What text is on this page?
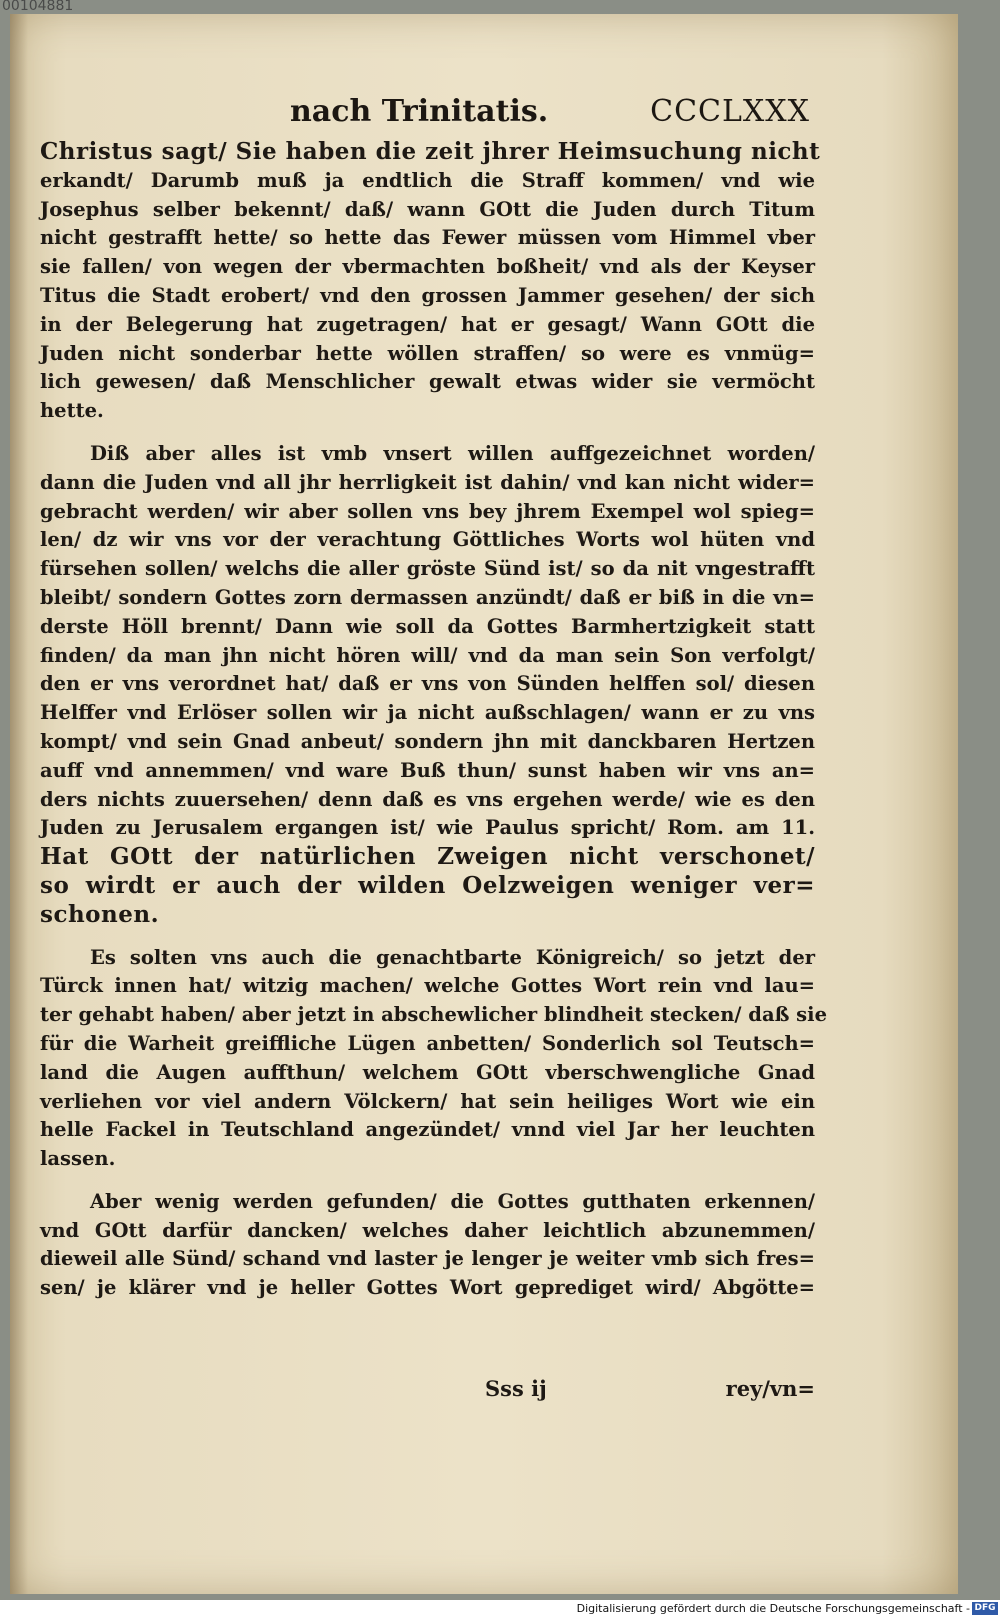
00104881
nach Trinitatis.	CCCLXXX
Christus sagt/ Sie haben die zeit jhrer Heimsuchung nicht
erkandt/ Darumb muß ja endtlich die Straff kommen/ vnd wie
Josephus selber bekennt/ daß/ wann GOtt die Juden durch Titum
nicht gestrafft hette/ so hette das Fewer müssen vom Himmel vber
sie fallen/ von wegen der vbermachten boßheit/ vnd als der Keyser
Titus die Stadt erobert/ vnd den grossen Jammer gesehen/ der sich
in der Belegerung hat zugetragen/ hat er gesagt/ Wann GOtt die
Juden nicht sonderbar hette wöllen straffen/ so were es vnmüg=
lich gewesen/ daß Menschlicher gewalt etwas wider sie vermöcht
hette.
Diß aber alles ist vmb vnsert willen auffgezeichnet worden/
dann die Juden vnd all jhr herrligkeit ist dahin/ vnd kan nicht wider=
gebracht werden/ wir aber sollen vns bey jhrem Exempel wol spieg=
len/ dz wir vns vor der verachtung Göttliches Worts wol hüten vnd
fürsehen sollen/ welchs die aller gröste Sünd ist/ so da nit vngestrafft
bleibt/ sondern Gottes zorn dermassen anzündt/ daß er biß in die vn=
derste Höll brennt/ Dann wie soll da Gottes Barmhertzigkeit statt
finden/ da man jhn nicht hören will/ vnd da man sein Son verfolgt/
den er vns verordnet hat/ daß er vns von Sünden helffen sol/ diesen
Helffer vnd Erlöser sollen wir ja nicht außschlagen/ wann er zu vns
kompt/ vnd sein Gnad anbeut/ sondern jhn mit danckbaren Hertzen
auff vnd annemmen/ vnd ware Buß thun/ sunst haben wir vns an=
ders nichts zuuersehen/ denn daß es vns ergehen werde/ wie es den
Juden zu Jerusalem ergangen ist/ wie Paulus spricht/ Rom. am 11.
Hat GOtt der natürlichen Zweigen nicht verschonet/
so wirdt er auch der wilden Oelzweigen weniger ver=
schonen.
Es solten vns auch die genachtbarte Königreich/ so jetzt der
Türck innen hat/ witzig machen/ welche Gottes Wort rein vnd lau=
ter gehabt haben/ aber jetzt in abschewlicher blindheit stecken/ daß sie
für die Warheit greiffliche Lügen anbetten/ Sonderlich sol Teutsch=
land die Augen auffthun/ welchem GOtt vberschwengliche Gnad
verliehen vor viel andern Völckern/ hat sein heiliges Wort wie ein
helle Fackel in Teutschland angezündet/ vnnd viel Jar her leuchten
lassen.
Aber wenig werden gefunden/ die Gottes gutthaten erkennen/
vnd GOtt darfür dancken/ welches daher leichtlich abzunemmen/
dieweil alle Sünd/ schand vnd laster je lenger je weiter vmb sich fres=
sen/ je klärer vnd je heller Gottes Wort geprediget wird/ Abgötte=
Sss ij	rey/vn=
Digitalisierung gefördert durch die Deutsche Forschungsgemeinschaft - DFG
